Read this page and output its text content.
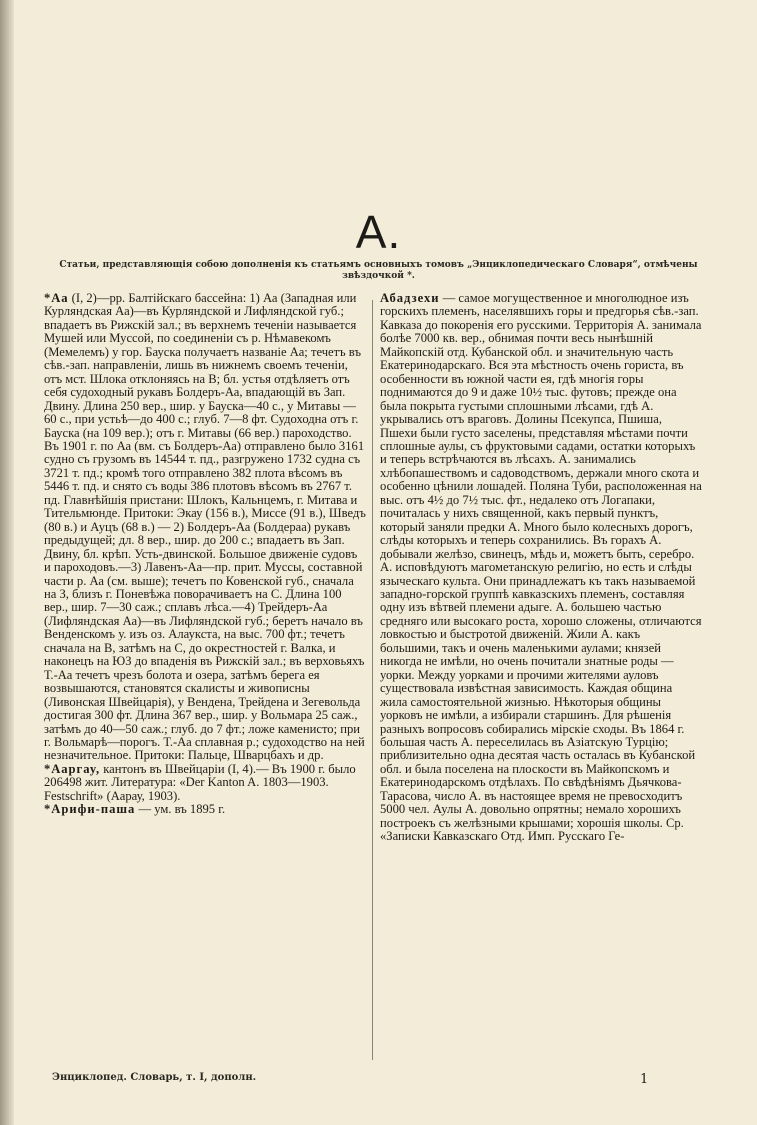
А.
Статьи, представляющія собою дополненія къ статьямъ основныхъ томовъ „Энциклопедическаго Словаря“, отмѣчены звѣздочкой *.

*Аа (I, 2)—рр. Балтійскаго бассейна: 1) Аа (Западная или Курляндская Аа)—въ Курляндской и Лифляндской губ.; впадаетъ въ Рижскій зал.; въ верхнемъ теченіи называется Мушей или Муссой, по соединеніи съ р. Нѣмавекомъ (Мемелемъ) у гор. Бауска получаетъ названіе Аа; течетъ въ сѣв.-зап. направленіи, лишь въ нижнемъ своемъ теченіи, отъ мст. Шлока отклоняясь на В; бл. устья отдѣляетъ отъ себя судоходный рукавъ Болдеръ-Аа, впадающій въ Зап. Двину. Длина 250 вер., шир. у Бауска—40 с., у Митавы — 60 с., при устьѣ—до 400 с.; глуб. 7—8 фт. Судоходна отъ г. Бауска (на 109 вер.); отъ г. Митавы (66 вер.) пароходство. Въ 1901 г. по Аа (вм. съ Болдеръ-Аа) отправлено было 3161 судно съ грузомъ въ 14544 т. пд., разгружено 1732 судна съ 3721 т. пд.; кромѣ того отправлено 382 плота вѣсомъ въ 5446 т. пд. и снято съ воды 386 плотовъ вѣсомъ въ 2767 т. пд. Главнѣйшія пристани: Шлокъ, Кальнцемъ, г. Митава и Тительмюнде. Притоки: Экау (156 в.), Миссе (91 в.), Шведъ (80 в.) и Ауцъ (68 в.) — 2) Болдеръ-Аа (Болдераа) рукавъ предыдущей; дл. 8 вер., шир. до 200 с.; впадаетъ въ Зап. Двину, бл. крѣп. Усть-двинской. Большое движеніе судовъ и пароходовъ.—3) Лавенъ-Аа—пр. прит. Муссы, составной части р. Аа (см. выше); течетъ по Ковенской губ., сначала на З, близъ г. Поневѣжа поворачиваетъ на С. Длина 100 вер., шир. 7—30 саж.; сплавъ лѣса.—4) Трейдеръ-Аа (Лифляндская Аа)—въ Лифляндской губ.; беретъ начало въ Венденскомъ у. изъ оз. Алаукста, на выс. 700 фт.; течетъ сначала на В, затѣмъ на С, до окрестностей г. Валка, и наконецъ на ЮЗ до впаденія въ Рижскій зал.; въ верховьяхъ Т.-Аа течетъ чрезъ болота и озера, затѣмъ берега ея возвышаются, становятся скалисты и живописны (Ливонская Швейцарія), у Вендена, Трейдена и Зегевольда достигая 300 фт. Длина 367 вер., шир. у Вольмара 25 саж., затѣмъ до 40—50 саж.; глуб. до 7 фт.; ложе каменисто; при г. Вольмарѣ—порогъ. Т.-Аа сплавная р.; судоходство на ней незначительное. Притоки: Пальце, Шварцбахъ и др.

*Ааргау, кантонъ въ Швейцаріи (I, 4).— Въ 1900 г. было 206498 жит. Литература: «Der Kanton A. 1803—1903. Festschrift» (Аарау, 1903).

*Арифи-паша — ум. въ 1895 г.

Абадзехи — самое могущественное и многолюдное изъ горскихъ племенъ, населявшихъ горы и предгорья сѣв.-зап. Кавказа до покоренія его русскими. Территорія А. занимала болѣе 7000 кв. вер., обнимая почти весь нынѣшній Майкопскій отд. Кубанской обл. и значительную часть Екатеринодарскаго. Вся эта мѣстность очень гориста, въ особенности въ южной части ея, гдѣ многія горы поднимаются до 9 и даже 10½ тыс. футовъ; прежде она была покрыта густыми сплошными лѣсами, гдѣ А. укрывались отъ враговъ. Долины Псекупса, Пшиша, Пшехи были густо заселены, представляя мѣстами почти сплошные аулы, съ фруктовыми садами, остатки которыхъ и теперь встрѣчаются въ лѣсахъ. А. занимались хлѣбопашествомъ и садоводствомъ, держали много скота и особенно цѣнили лошадей. Поляна Туби, расположенная на выс. отъ 4½ до 7½ тыс. фт., недалеко отъ Логапаки, почиталась у нихъ священной, какъ первый пунктъ, который заняли предки А. Много было колесныхъ дорогъ, слѣды которыхъ и теперь сохранились. Въ горахъ А. добывали желѣзо, свинецъ, мѣдь и, можетъ быть, серебро. А. исповѣдуютъ магометанскую религію, но есть и слѣды языческаго культа. Они принадлежатъ къ такъ называемой западно-горской группѣ кавказскихъ племенъ, составляя одну изъ вѣтвей племени адыге. А. большею частью средняго или высокаго роста, хорошо сложены, отличаются ловкостью и быстротой движеній. Жили А. какъ большими, такъ и очень маленькими аулами; князей никогда не имѣли, но очень почитали знатные роды — уорки. Между уорками и прочими жителями ауловъ существовала извѣстная зависимость. Каждая община жила самостоятельной жизнью. Нѣкоторыя общины уорковъ не имѣли, а избирали старшинъ. Для рѣшенія разныхъ вопросовъ собирались мірскіе сходы. Въ 1864 г. большая часть А. переселилась въ Азіатскую Турцію; приблизительно одна десятая часть осталась въ Кубанской обл. и была поселена на плоскости въ Майкопскомъ и Екатеринодарскомъ отдѣлахъ. По свѣдѣніямъ Дьячкова-Тарасова, число А. въ настоящее время не превосходитъ 5000 чел. Аулы А. довольно опрятны; немало хорошихъ построекъ съ желѣзными крышами; хорошія школы. Ср. «Записки Кавказскаго Отд. Имп. Русскаго Ге-

Энциклопед. Словарь, т. I, дополн.	1
